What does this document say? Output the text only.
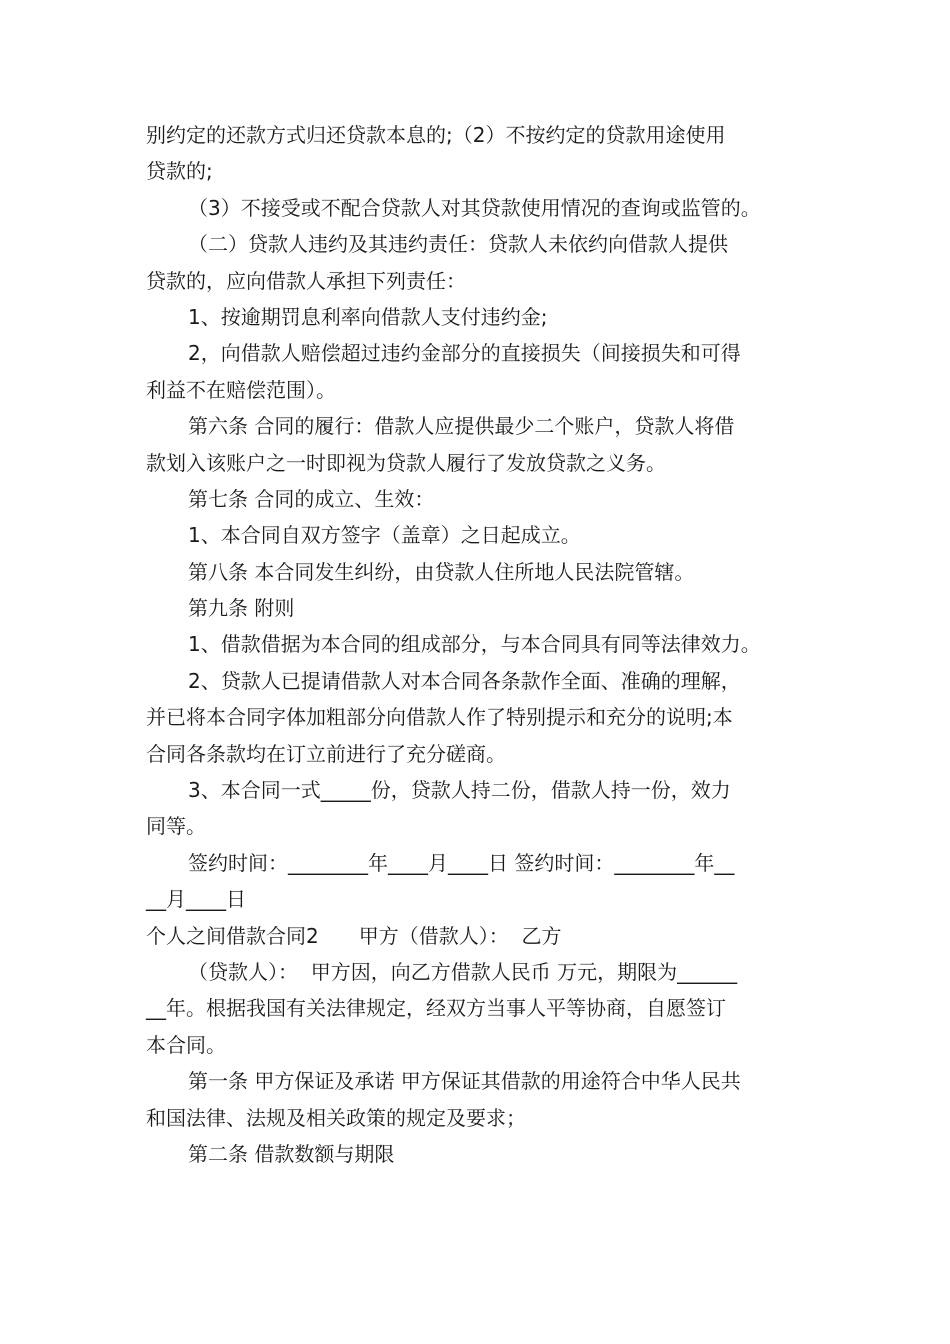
别约定的还款方式归还贷款本息的;（2）不按约定的贷款用途使用
贷款的;
（3）不接受或不配合贷款人对其贷款使用情况的查询或监管的。
（二）贷款人违约及其违约责任：贷款人未依约向借款人提供
贷款的，应向借款人承担下列责任：
1、按逾期罚息利率向借款人支付违约金;
2，向借款人赔偿超过违约金部分的直接损失（间接损失和可得
利益不在赔偿范围）。
第六条 合同的履行：借款人应提供最少二个账户，贷款人将借
款划入该账户之一时即视为贷款人履行了发放贷款之义务。
第七条 合同的成立、生效：
1、本合同自双方签字（盖章）之日起成立。
第八条 本合同发生纠纷，由贷款人住所地人民法院管辖。
第九条 附则
1、借款借据为本合同的组成部分，与本合同具有同等法律效力。
2、贷款人已提请借款人对本合同各条款作全面、准确的理解，
并已将本合同字体加粗部分向借款人作了特别提示和充分的说明;本
合同各条款均在订立前进行了充分磋商。
3、本合同一式_____份，贷款人持二份，借款人持一份，效力
同等。
签约时间：________年____月____日 签约时间：________年__
__月____日
个人之间借款合同2　　甲方（借款人）：  乙方
（贷款人）：  甲方因，向乙方借款人民币 万元，期限为______
__年。根据我国有关法律规定，经双方当事人平等协商，自愿签订
本合同。
第一条 甲方保证及承诺 甲方保证其借款的用途符合中华人民共
和国法律、法规及相关政策的规定及要求；
第二条 借款数额与期限
